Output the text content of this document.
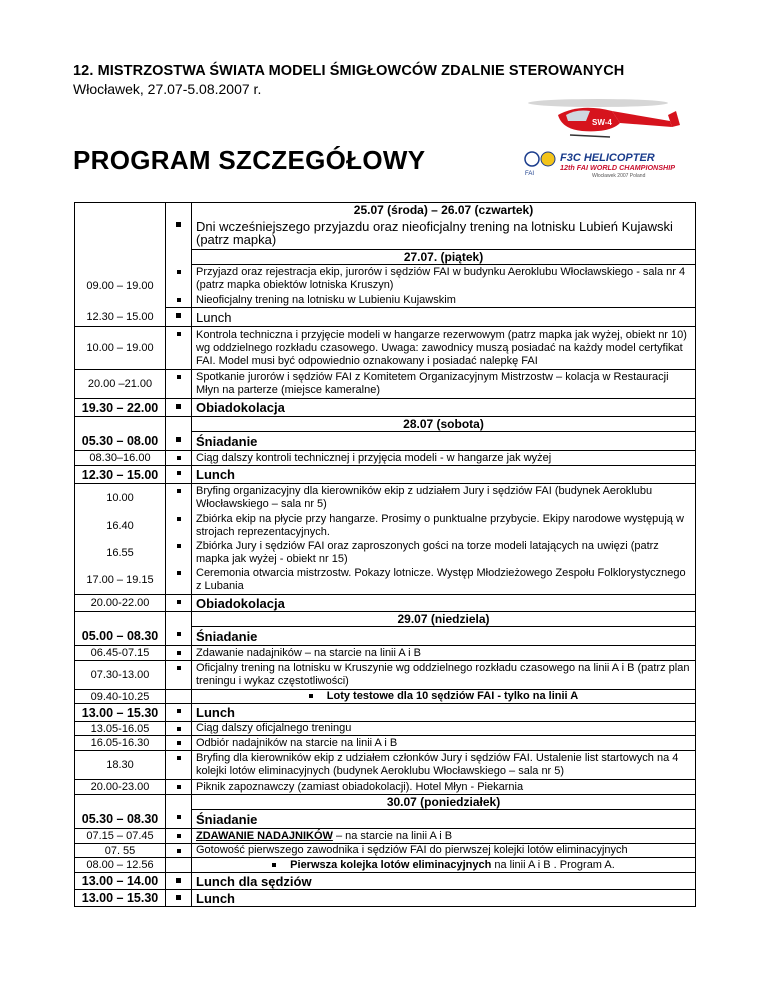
12. MISTRZOSTWA ŚWIATA MODELI ŚMIGŁOWCÓW ZDALNIE STEROWANYCH
Włocławek, 27.07-5.08.2007 r.
PROGRAM SZCZEGÓŁOWY
SW-4
FAI
F3C HELICOPTER
12th FAI WORLD CHAMPIONSHIP
Włocławek 2007 Poland
		25.07 (środa) – 26.07 (czwartek)
		Dni wcześniejszego przyjazdu oraz nieoficjalny trening na lotnisku Lubień Kujawski (patrz mapka)
		27.07. (piątek)
09.00 – 19.00		Przyjazd oraz rejestracja ekip, jurorów i sędziów FAI w budynku Aeroklubu Włocławskiego - sala nr 4 (patrz mapka obiektów lotniska Kruszyn)
		Nieoficjalny trening na lotnisku w Lubieniu Kujawskim
12.30 – 15.00		Lunch
10.00 – 19.00		Kontrola techniczna i przyjęcie modeli w hangarze rezerwowym (patrz mapka jak wyżej, obiekt nr 10) wg oddzielnego rozkładu czasowego. Uwaga: zawodnicy muszą posiadać na każdy model certyfikat FAI. Model musi być odpowiednio oznakowany i posiadać nalepkę FAI
20.00 –21.00		Spotkanie jurorów i sędziów FAI z Komitetem Organizacyjnym Mistrzostw – kolacja w Restauracji Młyn na parterze (miejsce kameralne)
19.30 – 22.00		Obiadokolacja
		28.07 (sobota)
05.30 – 08.00		Śniadanie
08.30–16.00		Ciąg dalszy kontroli technicznej i przyjęcia modeli - w hangarze jak wyżej
12.30 – 15.00		Lunch
10.00		Bryfing organizacyjny dla kierowników ekip z udziałem Jury i sędziów FAI (budynek Aeroklubu Włocławskiego – sala nr 5)
16.40		Zbiórka ekip na płycie przy hangarze. Prosimy o punktualne przybycie. Ekipy narodowe występują w strojach reprezentacyjnych.
16.55		Zbiórka Jury i sędziów FAI oraz zaproszonych gości na torze modeli latających na uwięzi (patrz mapka jak wyżej - obiekt nr 15)
17.00 – 19.15		Ceremonia otwarcia mistrzostw. Pokazy lotnicze. Występ Młodzieżowego Zespołu Folklorystycznego z Lubania
20.00-22.00		Obiadokolacja
		29.07 (niedziela)
05.00 – 08.30		Śniadanie
06.45-07.15		Zdawanie nadajników – na starcie na linii A i B
07.30-13.00		Oficjalny trening na lotnisku w Kruszynie wg oddzielnego rozkładu czasowego na linii A i B (patrz plan treningu i wykaz częstotliwości)
09.40-10.25		Loty testowe dla 10 sędziów FAI - tylko na linii A
13.00 – 15.30		Lunch
13.05-16.05		Ciąg dalszy oficjalnego treningu
16.05-16.30		Odbiór nadajników na starcie na linii A i B
18.30		Bryfing dla kierowników ekip z udziałem członków Jury i sędziów FAI. Ustalenie list startowych na 4 kolejki lotów eliminacyjnych (budynek Aeroklubu Włocławskiego – sala nr 5)
20.00-23.00		Piknik zapoznawczy (zamiast obiadokolacji). Hotel Młyn - Piekarnia
		30.07 (poniedziałek)
05.30 – 08.30		Śniadanie
07.15 – 07.45		ZDAWANIE NADAJNIKÓW – na starcie na linii A i B
07. 55		Gotowość pierwszego zawodnika i sędziów FAI do pierwszej kolejki lotów eliminacyjnych
08.00 – 12.56		Pierwsza kolejka lotów eliminacyjnych na linii A i B . Program A.
13.00 – 14.00		Lunch dla sędziów
13.00 – 15.30		Lunch
